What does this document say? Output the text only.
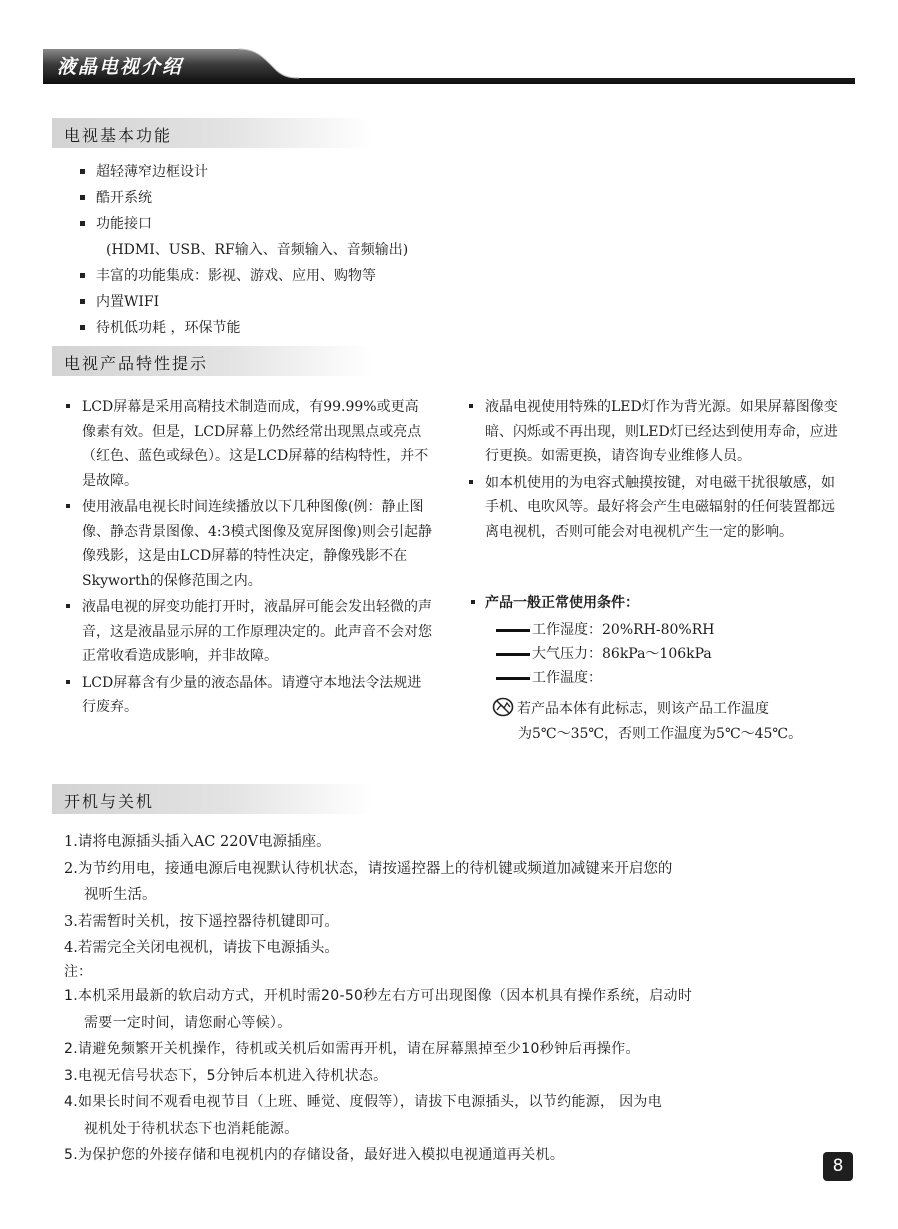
液晶电视介绍
电视基本功能
超轻薄窄边框设计
酷开系统
功能接口
(HDMI、USB、RF输入、音频输入、音频输出)
丰富的功能集成：影视、游戏、应用、购物等
内置WIFI
待机低功耗 ，环保节能
电视产品特性提示
LCD屏幕是采用高精技术制造而成，有99.99%或更高像素有效。但是，LCD屏幕上仍然经常出现黑点或亮点（红色、蓝色或绿色）。这是LCD屏幕的结构特性，并不是故障。
使用液晶电视长时间连续播放以下几种图像(例：静止图像、静态背景图像、4:3模式图像及宽屏图像)则会引起静像残影，这是由LCD屏幕的特性决定，静像残影不在Skyworth的保修范围之内。
液晶电视的屏变功能打开时，液晶屏可能会发出轻微的声音，这是液晶显示屏的工作原理决定的。此声音不会对您正常收看造成影响，并非故障。
LCD屏幕含有少量的液态晶体。请遵守本地法令法规进行废弃。
液晶电视使用特殊的LED灯作为背光源。如果屏幕图像变暗、闪烁或不再出现，则LED灯已经达到使用寿命，应进行更换。如需更换，请咨询专业维修人员。
如本机使用的为电容式触摸按键，对电磁干扰很敏感，如手机、电吹风等。最好将会产生电磁辐射的任何装置都远离电视机，否则可能会对电视机产生一定的影响。
产品一般正常使用条件：
工作湿度：20%RH-80%RH
大气压力：86kPa～106kPa
工作温度：
若产品本体有此标志，则该产品工作温度
为5℃～35℃，否则工作温度为5℃～45℃。
开机与关机
1.请将电源插头插入AC 220V电源插座。
2.为节约用电，接通电源后电视默认待机状态，请按遥控器上的待机键或频道加减键来开启您的
视听生活。
3.若需暂时关机，按下遥控器待机键即可。
4.若需完全关闭电视机，请拔下电源插头。
注：
1.本机采用最新的软启动方式，开机时需20-50秒左右方可出现图像（因本机具有操作系统，启动时
需要一定时间，请您耐心等候）。
2.请避免频繁开关机操作，待机或关机后如需再开机，请在屏幕黑掉至少10秒钟后再操作。
3.电视无信号状态下，5分钟后本机进入待机状态。
4.如果长时间不观看电视节目（上班、睡觉、度假等），请拔下电源插头，以节约能源， 因为电
视机处于待机状态下也消耗能源。
5.为保护您的外接存储和电视机内的存储设备，最好进入模拟电视通道再关机。
8
